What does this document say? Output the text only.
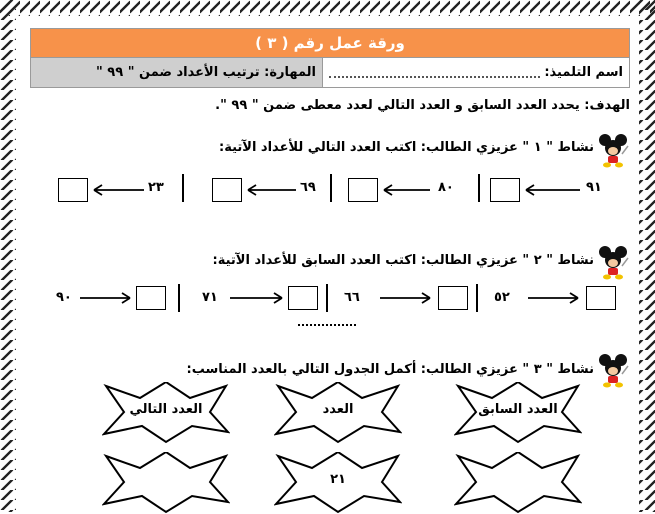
ورقة عمل رقم ( ٣ )
اسم التلميذ:
المهارة: ترتيب الأعداد ضمن " ٩٩ "
الهدف: يحدد العدد السابق و العدد التالي لعدد معطى ضمن " ٩٩ ".
نشاط " ١ " عزيزي الطالب: اكتب العدد التالي للأعداد الآتية:
٩١
٨٠
٦٩
٢٣
نشاط " ٢ " عزيزي الطالب: اكتب العدد السابق للأعداد الآتية:
٥٢
٦٦
٧١
٩٠
نشاط " ٣ " عزيزي الطالب: أكمل الجدول التالي بالعدد المناسب:
العدد السابق
العدد
العدد التالي
٢١
